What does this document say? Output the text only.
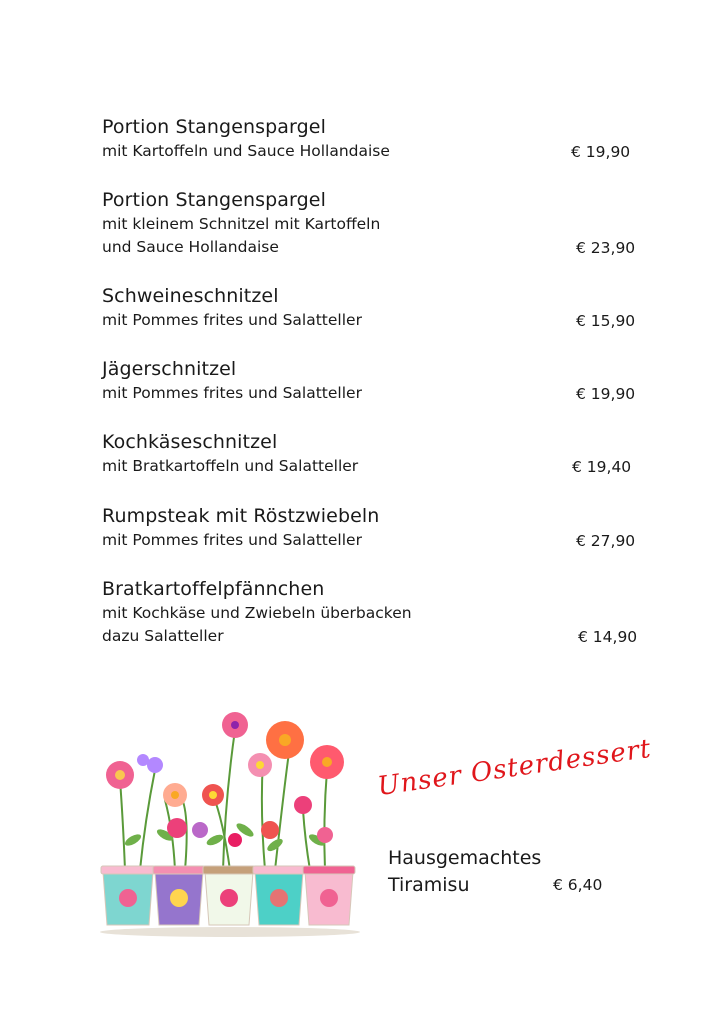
Portion Stangenspargel
mit Kartoffeln und Sauce Hollandaise	€ 19,90
Portion Stangenspargel
mit kleinem Schnitzel mit Kartoffeln
und Sauce Hollandaise	€ 23,90
Schweineschnitzel
mit Pommes frites und Salatteller	€ 15,90
Jägerschnitzel
mit Pommes frites und Salatteller	€ 19,90
Kochkäseschnitzel
mit Bratkartoffeln und Salatteller	€ 19,40
Rumpsteak mit Röstzwiebeln
mit Pommes frites und Salatteller	€ 27,90
Bratkartoffelpfännchen
mit Kochkäse und Zwiebeln überbacken
dazu Salatteller	€ 14,90
Unser Osterdessert
Hausgemachtes
Tiramisu	€ 6,40
